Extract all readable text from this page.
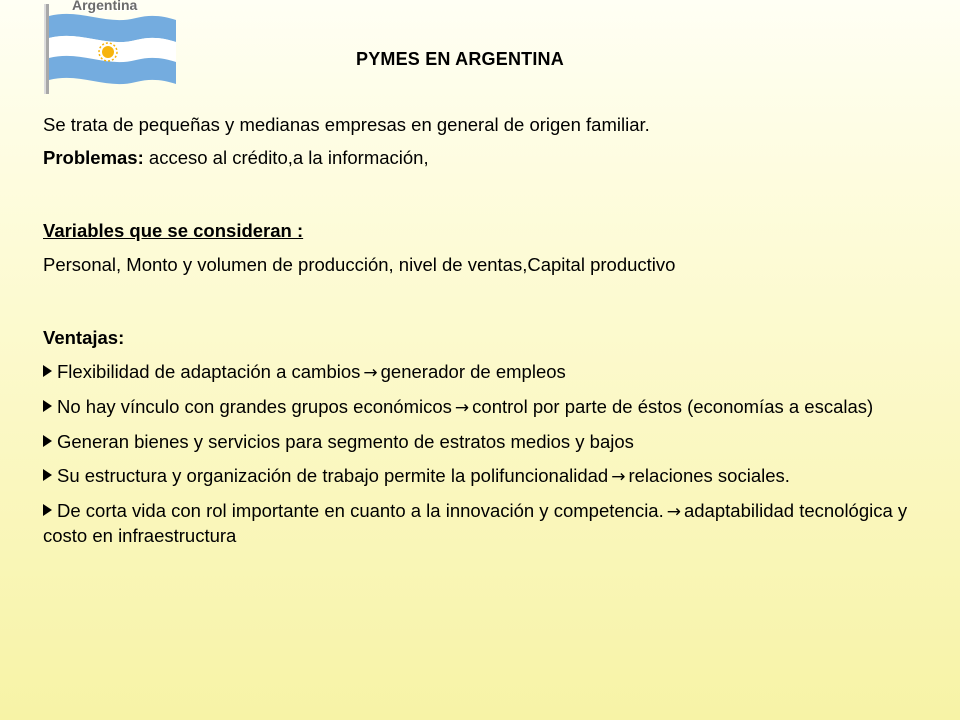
Argentina
PYMES EN ARGENTINA

Se trata de pequeñas y medianas empresas en general de origen familiar.

Problemas: acceso al crédito,a la información,

Variables que se consideran :

Personal, Monto y volumen de producción, nivel de ventas,Capital productivo

Ventajas:

Flexibilidad de adaptación a cambios → generador de empleos

No hay vínculo con grandes grupos económicos → control por parte de éstos (economías a escalas)

Generan bienes y servicios para segmento de estratos medios y bajos

Su estructura y organización de trabajo permite la polifuncionalidad → relaciones sociales.

De corta vida con rol importante en cuanto a la innovación y competencia. → adaptabilidad tecnológica y costo en infraestructura
